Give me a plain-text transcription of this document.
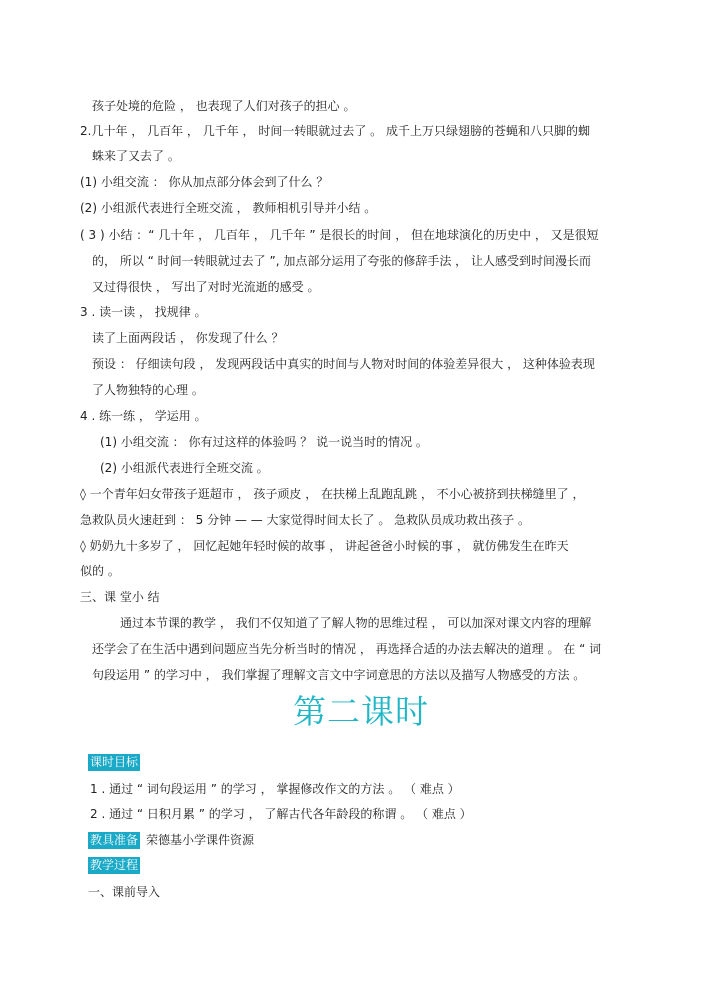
孩子处境的危险 ， 也表现了人们对孩子的担心 。

2.几十年 ， 几百年 ， 几千年 ， 时间一转眼就过去了 。 成千上万只绿翅膀的苍蝇和八只脚的蜘

蛛来了又去了 。

(1) 小组交流 ： 你从加点部分体会到了什么 ？

(2) 小组派代表进行全班交流 ， 教师相机引导并小结 。

( 3 ) 小结 ：“ 几十年 ， 几百年 ， 几千年 ” 是很长的时间 ， 但在地球演化的历史中 ， 又是很短

的， 所以 “ 时间一转眼就过去了 ”, 加点部分运用了夸张的修辞手法 ， 让人感受到时间漫长而

又过得很快 ， 写出了对时光流逝的感受 。

3 . 读一读 ， 找规律 。

读了上面两段话 ， 你发现了什么 ？

预设 ： 仔细读句段 ， 发现两段话中真实的时间与人物对时间的体验差异很大 ， 这种体验表现

了人物独特的心理 。

4 . 练一练 ， 学运用 。

(1) 小组交流 ： 你有过这样的体验吗 ？ 说一说当时的情况 。

(2) 小组派代表进行全班交流 。

◊ 一个青年妇女带孩子逛超市 ， 孩子顽皮 ， 在扶梯上乱跑乱跳 ， 不小心被挤到扶梯缝里了 ，

急救队员火速赶到 ： 5 分钟 — — 大家觉得时间太长了 。 急救队员成功救出孩子 。

◊ 奶奶九十多岁了 ， 回忆起她年轻时候的故事 ， 讲起爸爸小时候的事 ， 就仿佛发生在昨天

似的 。

三、课 堂小 结

通过本节课的教学 ， 我们不仅知道了了解人物的思维过程 ， 可以加深对课文内容的理解

还学会了在生活中遇到问题应当先分析当时的情况 ， 再选择合适的办法去解决的道理 。 在 “ 词

句段运用 ” 的学习中 ， 我们掌握了理解文言文中字词意思的方法以及描写人物感受的方法 。

第二课时
课时目标

1 . 通过 “ 词句段运用 ” 的学习 ， 掌握修改作文的方法 。 （ 难点 ）

2 . 通过 “ 日积月累 ” 的学习 ， 了解古代各年龄段的称谓 。 （ 难点 ）

教具准备 荣德基小学课件资源
教学过程

一、课前导入
